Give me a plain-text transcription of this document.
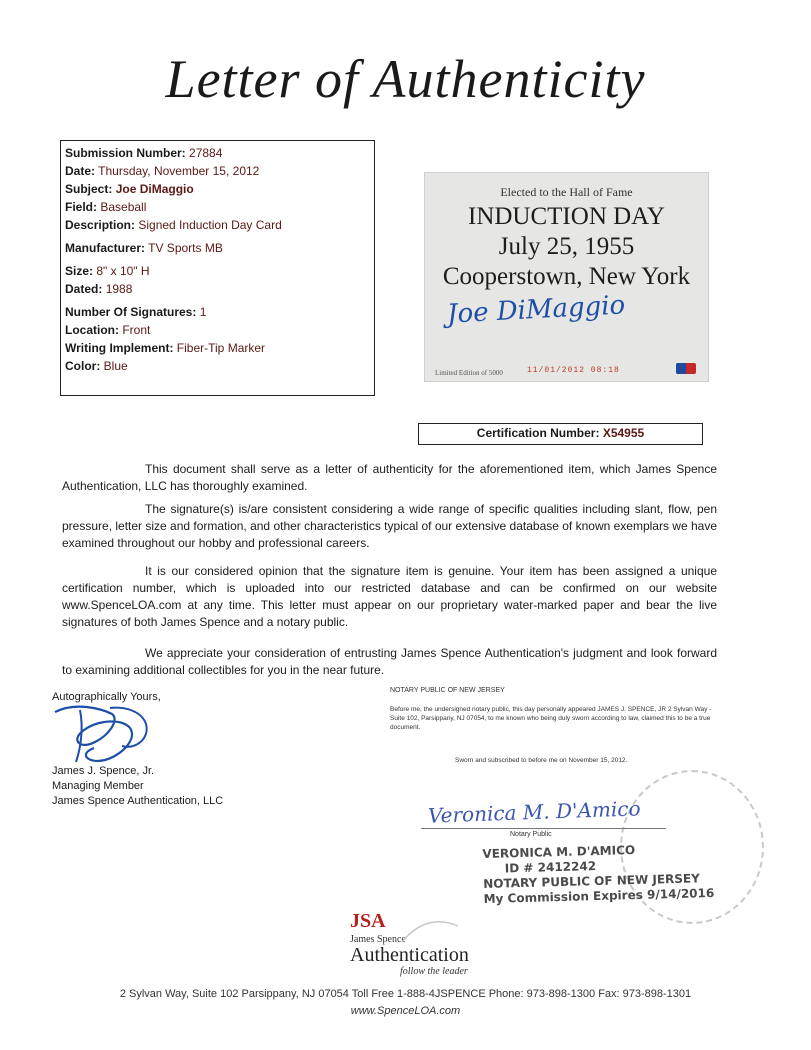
Letter of Authenticity
Submission Number: 27884
Date: Thursday, November 15, 2012
Subject: Joe DiMaggio
Field: Baseball
Description: Signed Induction Day Card
Manufacturer: TV Sports MB
Size: 8" x 10" H
Dated: 1988
Number Of Signatures: 1
Location: Front
Writing Implement: Fiber-Tip Marker
Color: Blue
Elected to the Hall of Fame
INDUCTION DAY
July 25, 1955
Cooperstown, New York
Joe DiMaggio
Limited Edition of 5000	11/01/2012 08:18
Certification Number: X54955

This document shall serve as a letter of authenticity for the aforementioned item, which James Spence Authentication, LLC has thoroughly examined.

The signature(s) is/are consistent considering a wide range of specific qualities including slant, flow, pen pressure, letter size and formation, and other characteristics typical of our extensive database of known exemplars we have examined throughout our hobby and professional careers.

It is our considered opinion that the signature item is genuine. Your item has been assigned a unique certification number, which is uploaded into our restricted database and can be confirmed on our website www.SpenceLOA.com at any time. This letter must appear on our proprietary water-marked paper and bear the live signatures of both James Spence and a notary public.

We appreciate your consideration of entrusting James Spence Authentication's judgment and look forward to examining additional collectibles for you in the near future.

Autographically Yours,
James J. Spence, Jr.
Managing Member
James Spence Authentication, LLC
NOTARY PUBLIC OF NEW JERSEY
Before me, the undersigned notary public, this day personally appeared JAMES J. SPENCE, JR 2 Sylvan Way - Suite 102, Parsippany, NJ 07054, to me known who being duly sworn according to law, claimed this to be a true document.
Sworn and subscribed to before me on November 15, 2012.
Veronica M. D'Amico
Notary Public
VERONICA M. D'AMICO
ID # 2412242
NOTARY PUBLIC OF NEW JERSEY
My Commission Expires 9/14/2016
JSA
James Spence
Authentication
follow the leader
2 Sylvan Way, Suite 102 Parsippany, NJ 07054 Toll Free 1-888-4JSPENCE Phone: 973-898-1300 Fax: 973-898-1301
www.SpenceLOA.com
